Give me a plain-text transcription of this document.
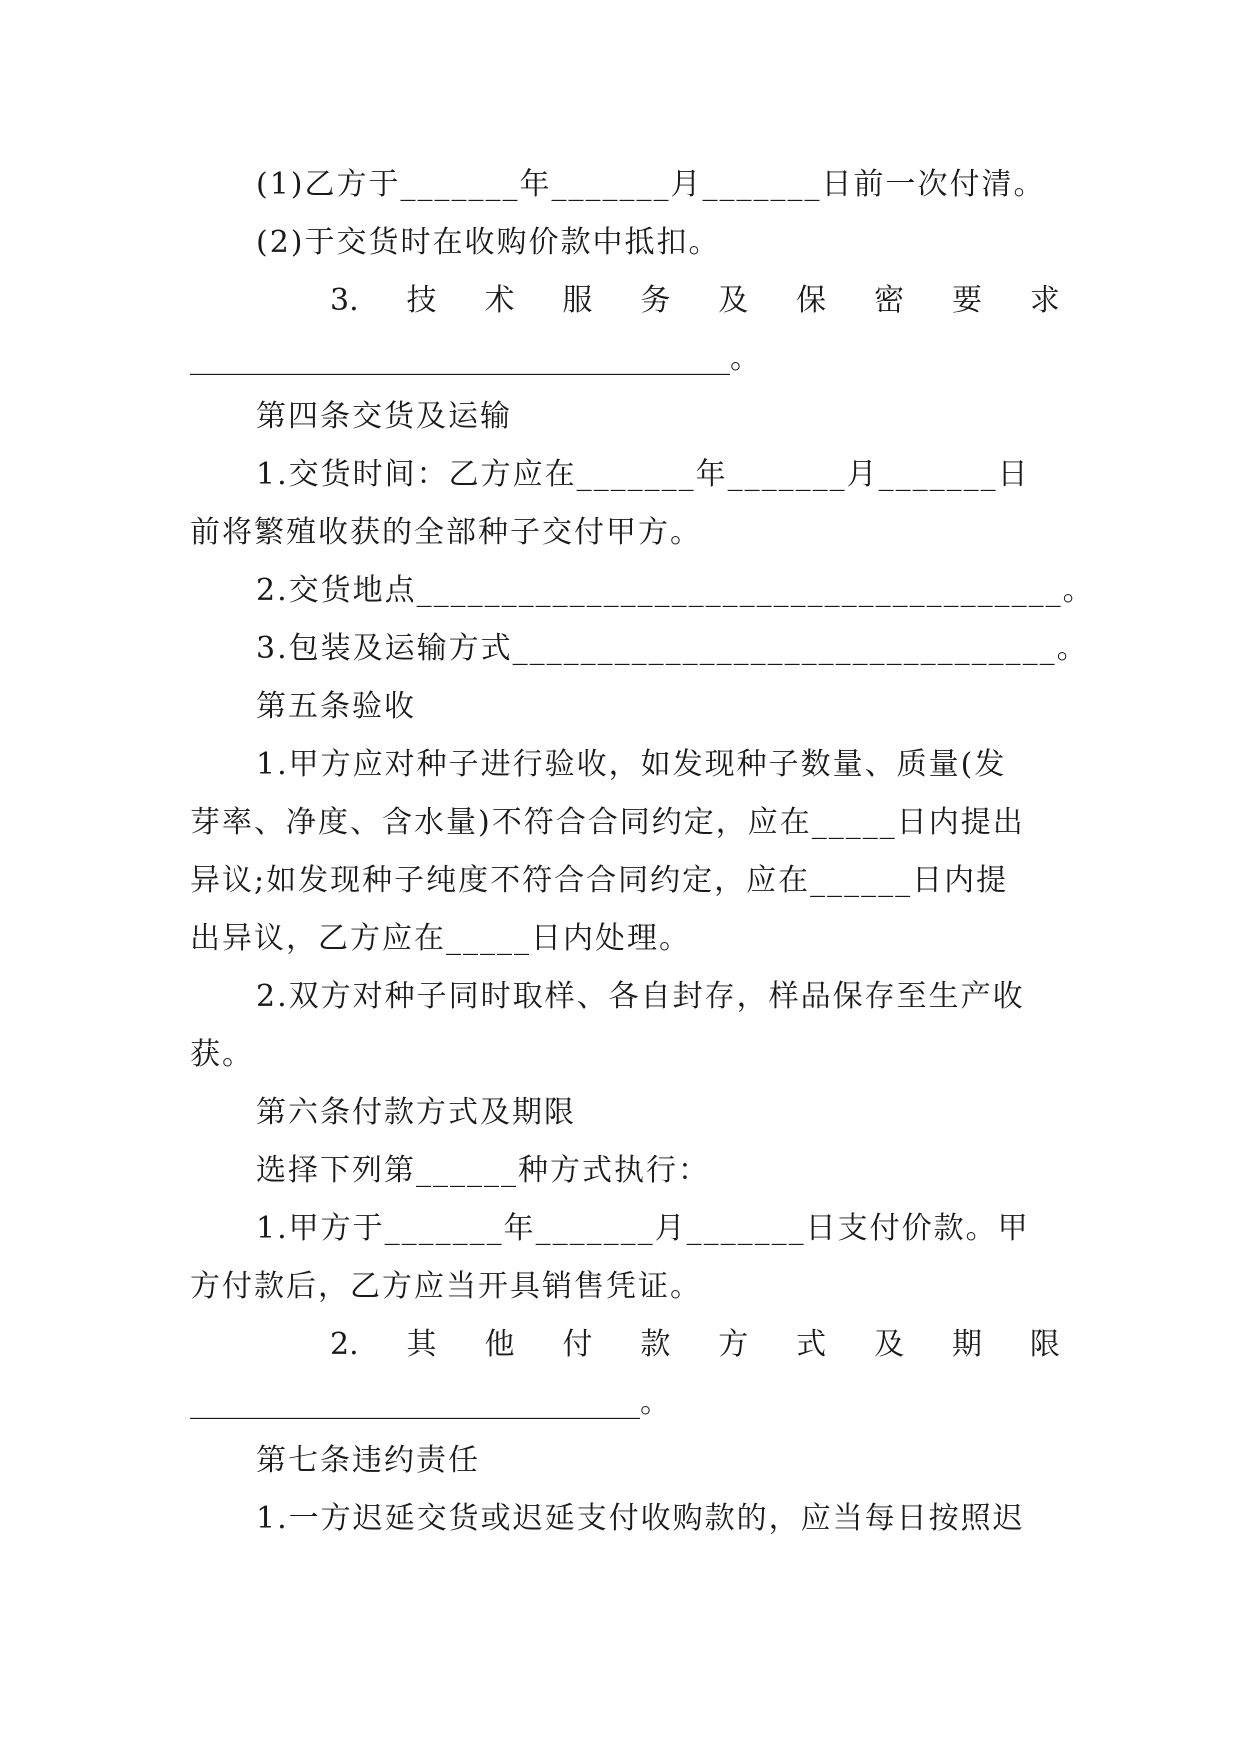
(1)乙方于_______年_______月_______日前一次付清。
(2)于交货时在收购价款中抵扣。
3. 技 术 服 务 及 保 密 要 求
____________________________________。
第四条交货及运输
1.交货时间：乙方应在_______年_______月_______日
前将繁殖收获的全部种子交付甲方。
2.交货地点______________________________________。
3.包装及运输方式________________________________。
第五条验收
1.甲方应对种子进行验收，如发现种子数量、质量(发
芽率、净度、含水量)不符合合同约定，应在_____日内提出
异议;如发现种子纯度不符合合同约定，应在______日内提
出异议，乙方应在_____日内处理。
2.双方对种子同时取样、各自封存，样品保存至生产收
获。
第六条付款方式及期限
选择下列第______种方式执行：
1.甲方于_______年_______月_______日支付价款。甲
方付款后，乙方应当开具销售凭证。
2. 其 他 付 款 方 式 及 期 限
______________________________。
第七条违约责任
1.一方迟延交货或迟延支付收购款的，应当每日按照迟
